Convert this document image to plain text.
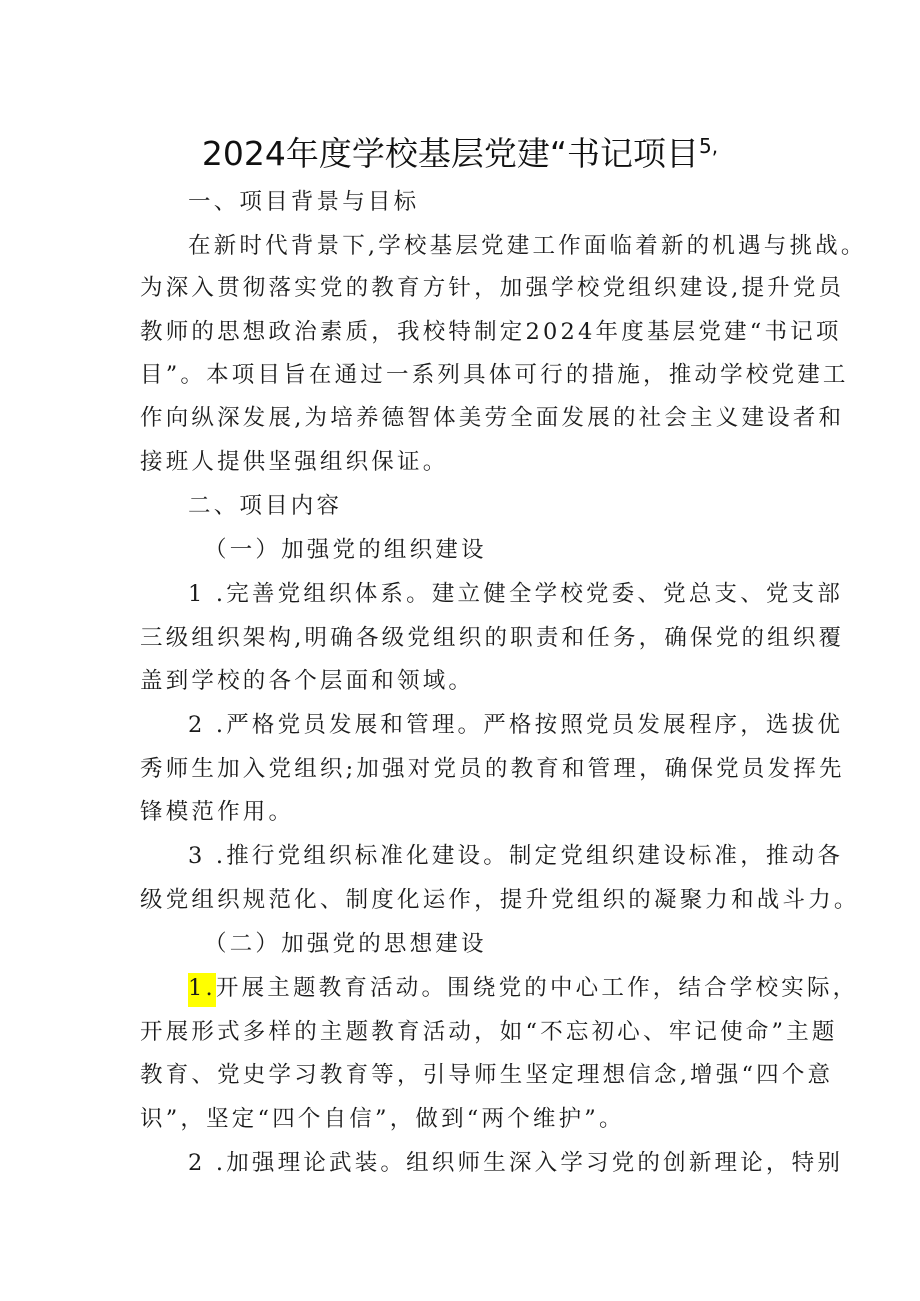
2024年度学校基层党建“书记项目$^{5,}$
一、项目背景与目标
在新时代背景下,学校基层党建工作面临着新的机遇与挑战。
为深入贯彻落实党的教育方针，加强学校党组织建设,提升党员
教师的思想政治素质，我校特制定2024年度基层党建“书记项
目”。本项目旨在通过一系列具体可行的措施，推动学校党建工
作向纵深发展,为培养德智体美劳全面发展的社会主义建设者和
接班人提供坚强组织保证。
二、项目内容
（一）加强党的组织建设
1 .完善党组织体系。建立健全学校党委、党总支、党支部
三级组织架构,明确各级党组织的职责和任务，确保党的组织覆
盖到学校的各个层面和领域。
2 .严格党员发展和管理。严格按照党员发展程序，选拔优
秀师生加入党组织;加强对党员的教育和管理，确保党员发挥先
锋模范作用。
3 .推行党组织标准化建设。制定党组织建设标准，推动各
级党组织规范化、制度化运作，提升党组织的凝聚力和战斗力。
（二）加强党的思想建设
1.开展主题教育活动。围绕党的中心工作，结合学校实际，
开展形式多样的主题教育活动，如“不忘初心、牢记使命”主题
教育、党史学习教育等，引导师生坚定理想信念,增强“四个意
识”，坚定“四个自信”，做到“两个维护”。
2 .加强理论武装。组织师生深入学习党的创新理论，特别
